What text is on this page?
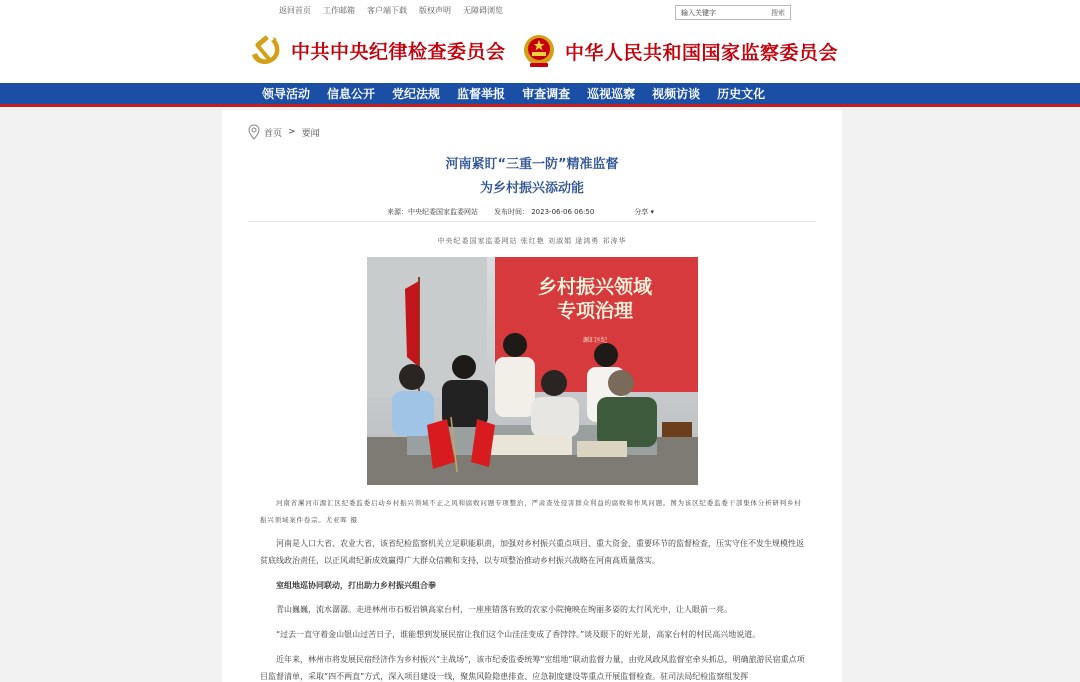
返回首页 工作邮箱 客户端下载 版权声明 无障碍浏览	输入关键字	搜索
中共中央纪律检查委员会	中华人民共和国国家监察委员会
领导活动 信息公开 党纪法规 监督举报 审查调查 巡视巡察 视频访谈 历史文化
首页 > 要闻
河南紧盯“三重一防”精准监督
为乡村振兴添动能
来源：中央纪委国家监委网站 发布时间： 2023-06-06 06:50	分享 ▾
中央纪委国家监委网站 张红艳 刘淑娟 逯鸿勇 祁涛华
乡村振兴领域
专项治理
源汇区纪
河南省漯河市源汇区纪委监委启动乡村振兴领域不正之风和腐败问题专项整治，严肃查处侵害群众利益的腐败和作风问题。图为该区纪委监委干部集体分析研判乡村振兴领域案件卷宗。尤亚晖 摄
河南是人口大省、农业大省，该省纪检监察机关立足职能职责，加强对乡村振兴重点项目、重大资金、重要环节的监督检查，压实守住不发生规模性返贫底线政治责任，以正风肃纪新成效赢得广大群众信赖和支持，以专项整治推动乡村振兴战略在河南高质量落实。
室组地巡协同联动，打出助力乡村振兴组合拳
青山巍巍，流水潺潺。走进林州市石板岩镇高家台村，一座座错落有致的农家小院掩映在绚丽多姿的太行风光中，让人眼前一亮。
“过去一直守着金山银山过苦日子，谁能想到发展民宿让我们这个山洼洼变成了香饽饽。”谈及眼下的好光景，高家台村的村民高兴地说道。
近年来，林州市将发展民宿经济作为乡村振兴“主战场”，该市纪委监委统筹“室组地”联动监督力量，由党风政风监督室牵头抓总，明确旅游民宿重点项目监督清单，采取“四不两直”方式，深入项目建设一线，聚焦风险隐患排查、应急制度建设等重点开展监督检查。驻司法局纪检监察组发挥
